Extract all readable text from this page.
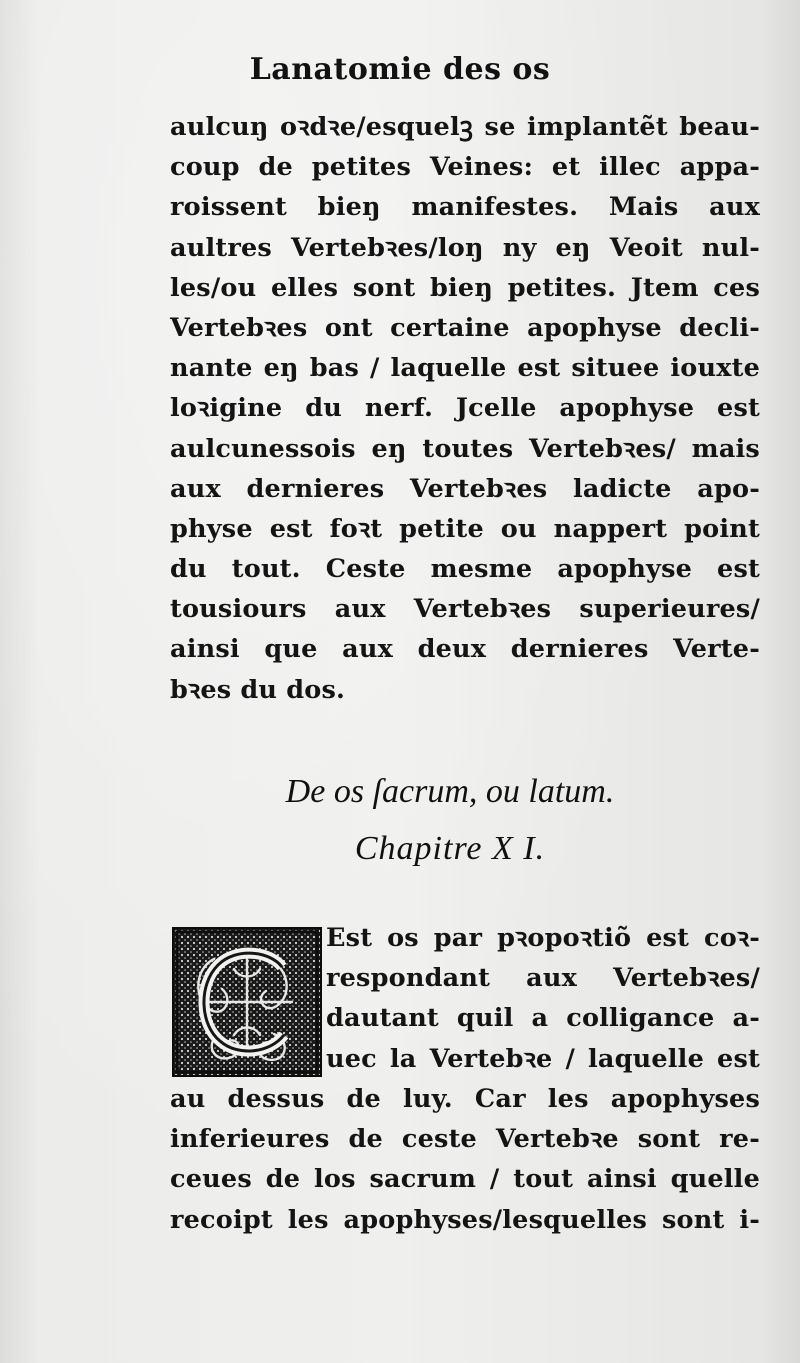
Lanatomie des os
aulcuŋ oꝛdꝛe/esquelꝫ se implantẽt beau-
coup de petites Veines: et illec appa-
roissent bieŋ manifestes. Mais aux
aultres Vertebꝛes/loŋ ny eŋ Veoit nul-
les/ou elles sont bieŋ petites. Jtem ces
Vertebꝛes ont certaine apophyse decli-
nante eŋ bas / laquelle est situee iouxte
loꝛigine du nerf. Jcelle apophyse est
aulcunessois eŋ toutes Vertebꝛes/ mais
aux dernieres Vertebꝛes ladicte apo-
physe est foꝛt petite ou nappert point
du tout. Ceste mesme apophyse est
tousiours aux Vertebꝛes superieures/
ainsi que aux deux dernieres Verte-
bꝛes du dos.
De os ſacrum, ou latum.
Chapitre X I.
Est os par pꝛopoꝛtiõ est coꝛ-
respondant aux Vertebꝛes/
dautant quil a colligance a-
uec la Vertebꝛe / laquelle est
au dessus de luy. Car les apophyses
inferieures de ceste Vertebꝛe sont re-
ceues de los sacrum / tout ainsi quelle
recoipt les apophyses/lesquelles sont i-
